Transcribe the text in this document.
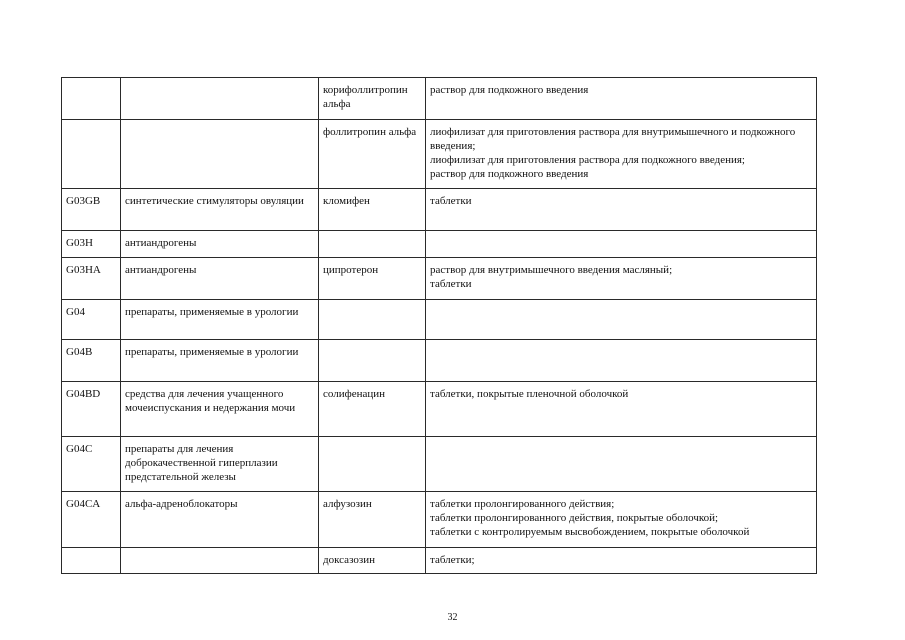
		корифоллитропин альфа	раствор для подкожного введения

		фоллитропин альфа	лиофилизат для приготовления раствора для внутримышечного и подкожного введения;
лиофилизат для приготовления раствора для подкожного введения;
раствор для подкожного введения

G03GB	синтетические стимуляторы овуляции	кломифен	таблетки

G03H	антиандрогены		
G03HA	антиандрогены	ципротерон	раствор для внутримышечного введения масляный;
таблетки

G04	препараты, применяемые в урологии		
G04B	препараты, применяемые в урологии		
G04BD	средства для лечения учащенного мочеиспускания и недержания мочи	солифенацин	таблетки, покрытые пленочной оболочкой

G04C	препараты для лечения доброкачественной гиперплазии предстательной железы		
G04CA	альфа-адреноблокаторы	алфузозин	таблетки пролонгированного действия;
таблетки пролонгированного действия, покрытые оболочкой;
таблетки с контролируемым высвобождением, покрытые оболочкой

		доксазозин	таблетки;
32
